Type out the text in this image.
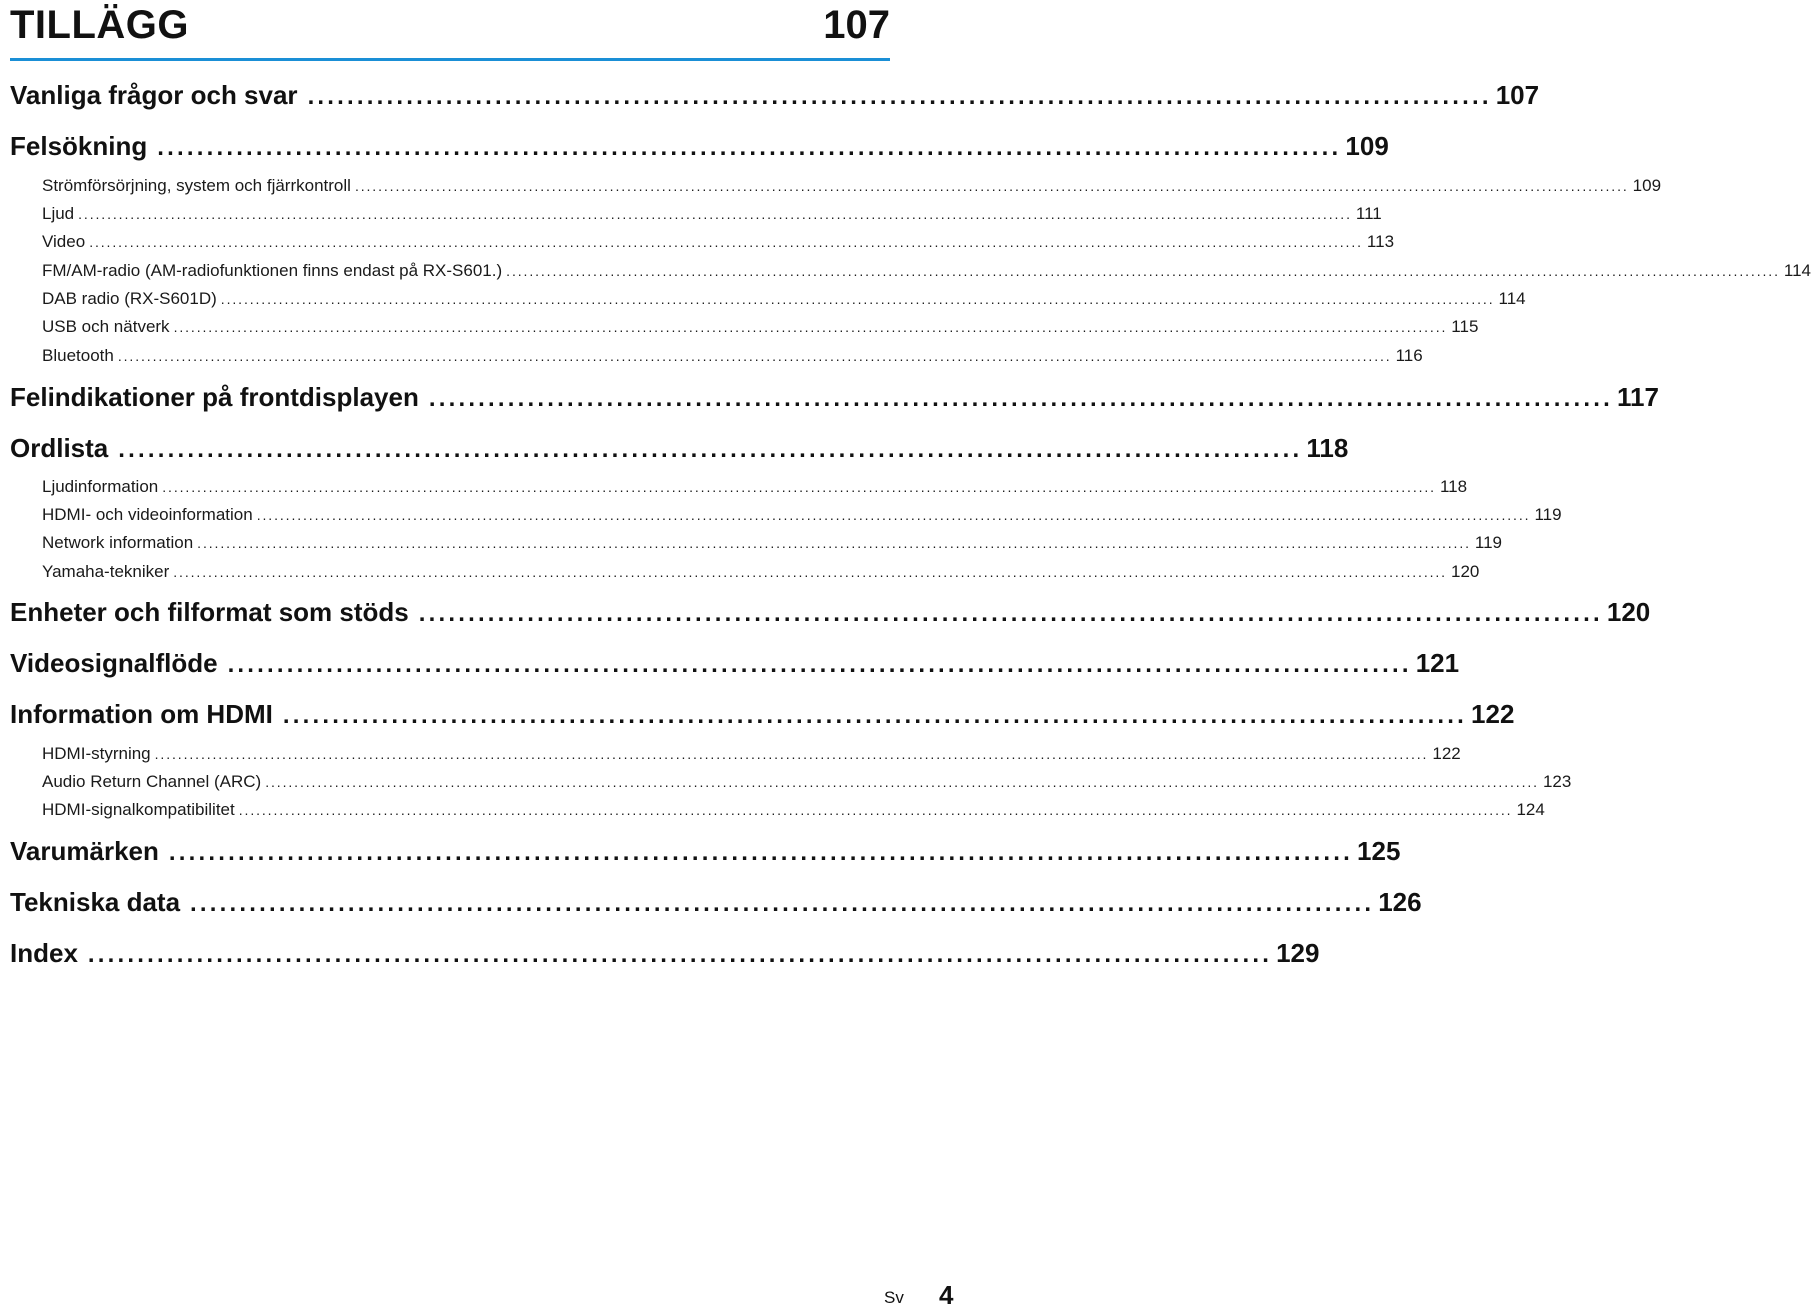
TILLÄGG	107
Vanliga frågor och svar ........................................................................................................................ 107
Felsökning ........................................................................................................................ 109
Strömförsörjning, system och fjärrkontroll ............................................................................................................................................................................................................................ 109
Ljud ............................................................................................................................................................................................................................ 111
Video ............................................................................................................................................................................................................................ 113
FM/AM-radio (AM-radiofunktionen finns endast på RX-S601.) ............................................................................................................................................................................................................................ 114
DAB radio (RX-S601D) ............................................................................................................................................................................................................................ 114
USB och nätverk ............................................................................................................................................................................................................................ 115
Bluetooth ............................................................................................................................................................................................................................ 116
Felindikationer på frontdisplayen ........................................................................................................................ 117
Ordlista ........................................................................................................................ 118
Ljudinformation ............................................................................................................................................................................................................................ 118
HDMI- och videoinformation ............................................................................................................................................................................................................................ 119
Network information ............................................................................................................................................................................................................................ 119
Yamaha-tekniker ............................................................................................................................................................................................................................ 120
Enheter och filformat som stöds ........................................................................................................................ 120
Videosignalflöde ........................................................................................................................ 121
Information om HDMI ........................................................................................................................ 122
HDMI-styrning ............................................................................................................................................................................................................................ 122
Audio Return Channel (ARC) ............................................................................................................................................................................................................................ 123
HDMI-signalkompatibilitet ............................................................................................................................................................................................................................ 124
Varumärken ........................................................................................................................ 125
Tekniska data ........................................................................................................................ 126
Index ........................................................................................................................ 129
Sv 4
